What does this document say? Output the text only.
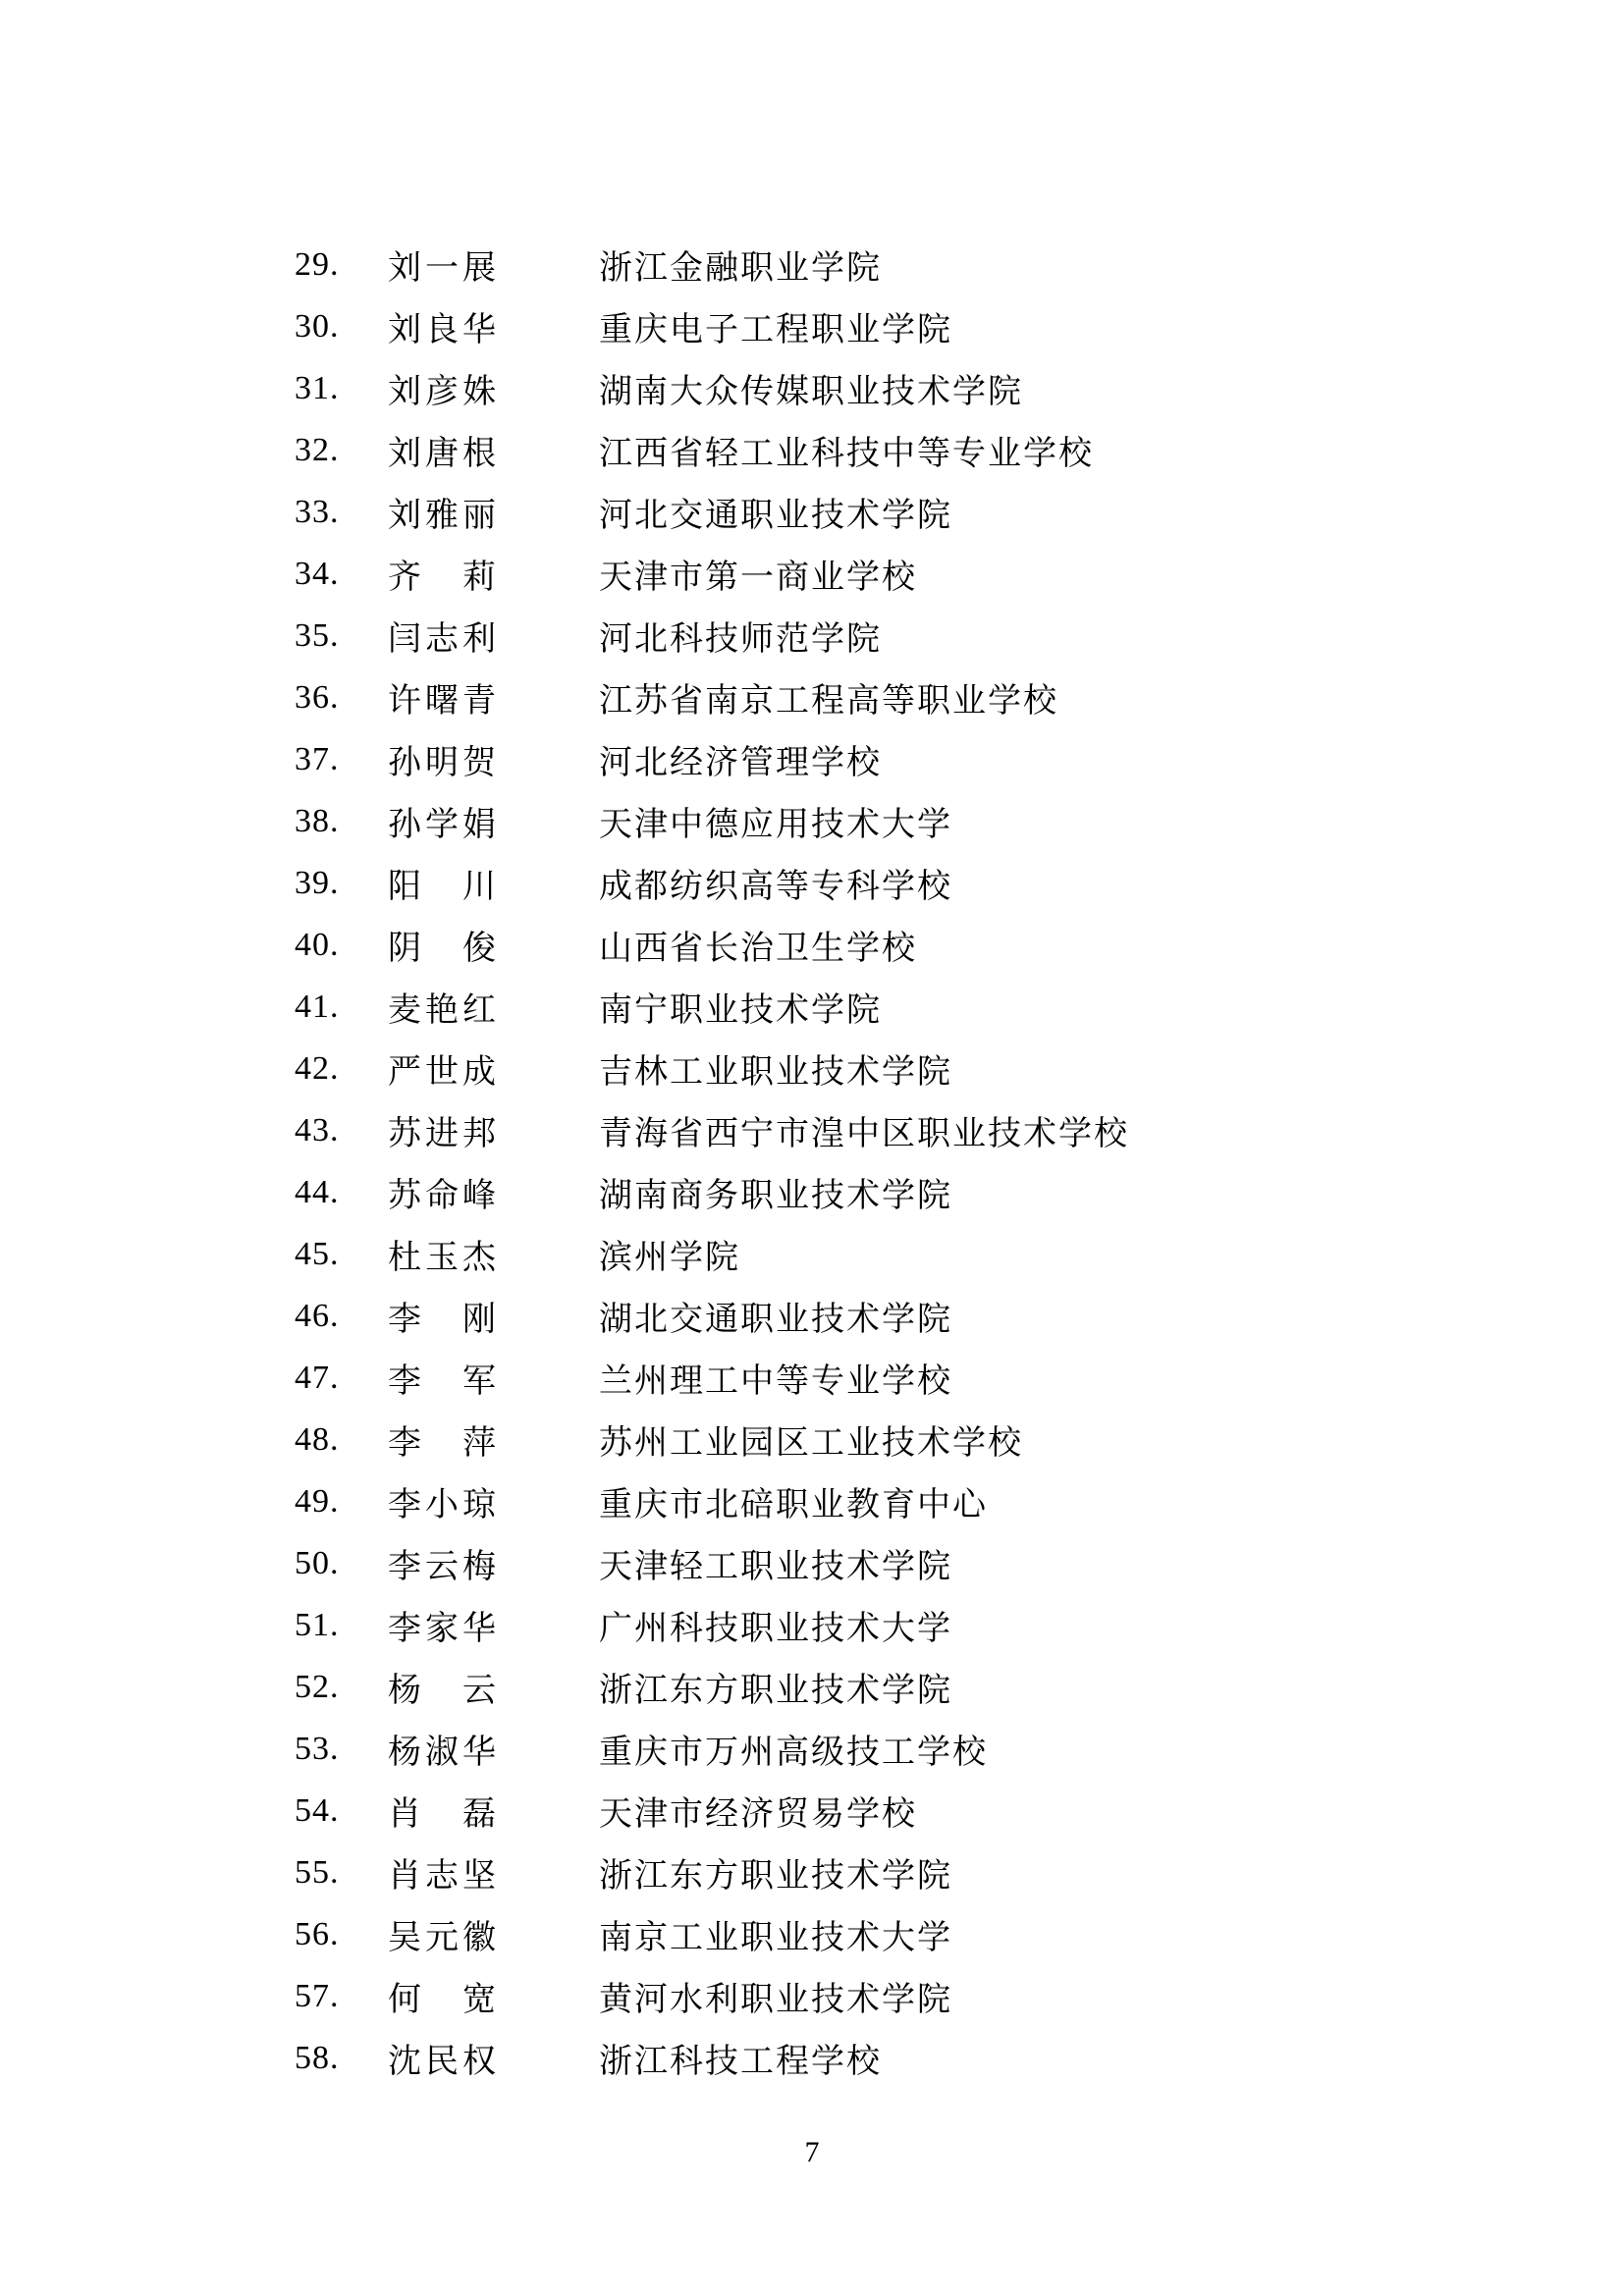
29.	刘一展	浙江金融职业学院
30.	刘良华	重庆电子工程职业学院
31.	刘彦姝	湖南大众传媒职业技术学院
32.	刘唐根	江西省轻工业科技中等专业学校
33.	刘雅丽	河北交通职业技术学院
34.	齐　莉	天津市第一商业学校
35.	闫志利	河北科技师范学院
36.	许曙青	江苏省南京工程高等职业学校
37.	孙明贺	河北经济管理学校
38.	孙学娟	天津中德应用技术大学
39.	阳　川	成都纺织高等专科学校
40.	阴　俊	山西省长治卫生学校
41.	麦艳红	南宁职业技术学院
42.	严世成	吉林工业职业技术学院
43.	苏进邦	青海省西宁市湟中区职业技术学校
44.	苏命峰	湖南商务职业技术学院
45.	杜玉杰	滨州学院
46.	李　刚	湖北交通职业技术学院
47.	李　军	兰州理工中等专业学校
48.	李　萍	苏州工业园区工业技术学校
49.	李小琼	重庆市北碚职业教育中心
50.	李云梅	天津轻工职业技术学院
51.	李家华	广州科技职业技术大学
52.	杨　云	浙江东方职业技术学院
53.	杨淑华	重庆市万州高级技工学校
54.	肖　磊	天津市经济贸易学校
55.	肖志坚	浙江东方职业技术学院
56.	吴元徽	南京工业职业技术大学
57.	何　宽	黄河水利职业技术学院
58.	沈民权	浙江科技工程学校
7
